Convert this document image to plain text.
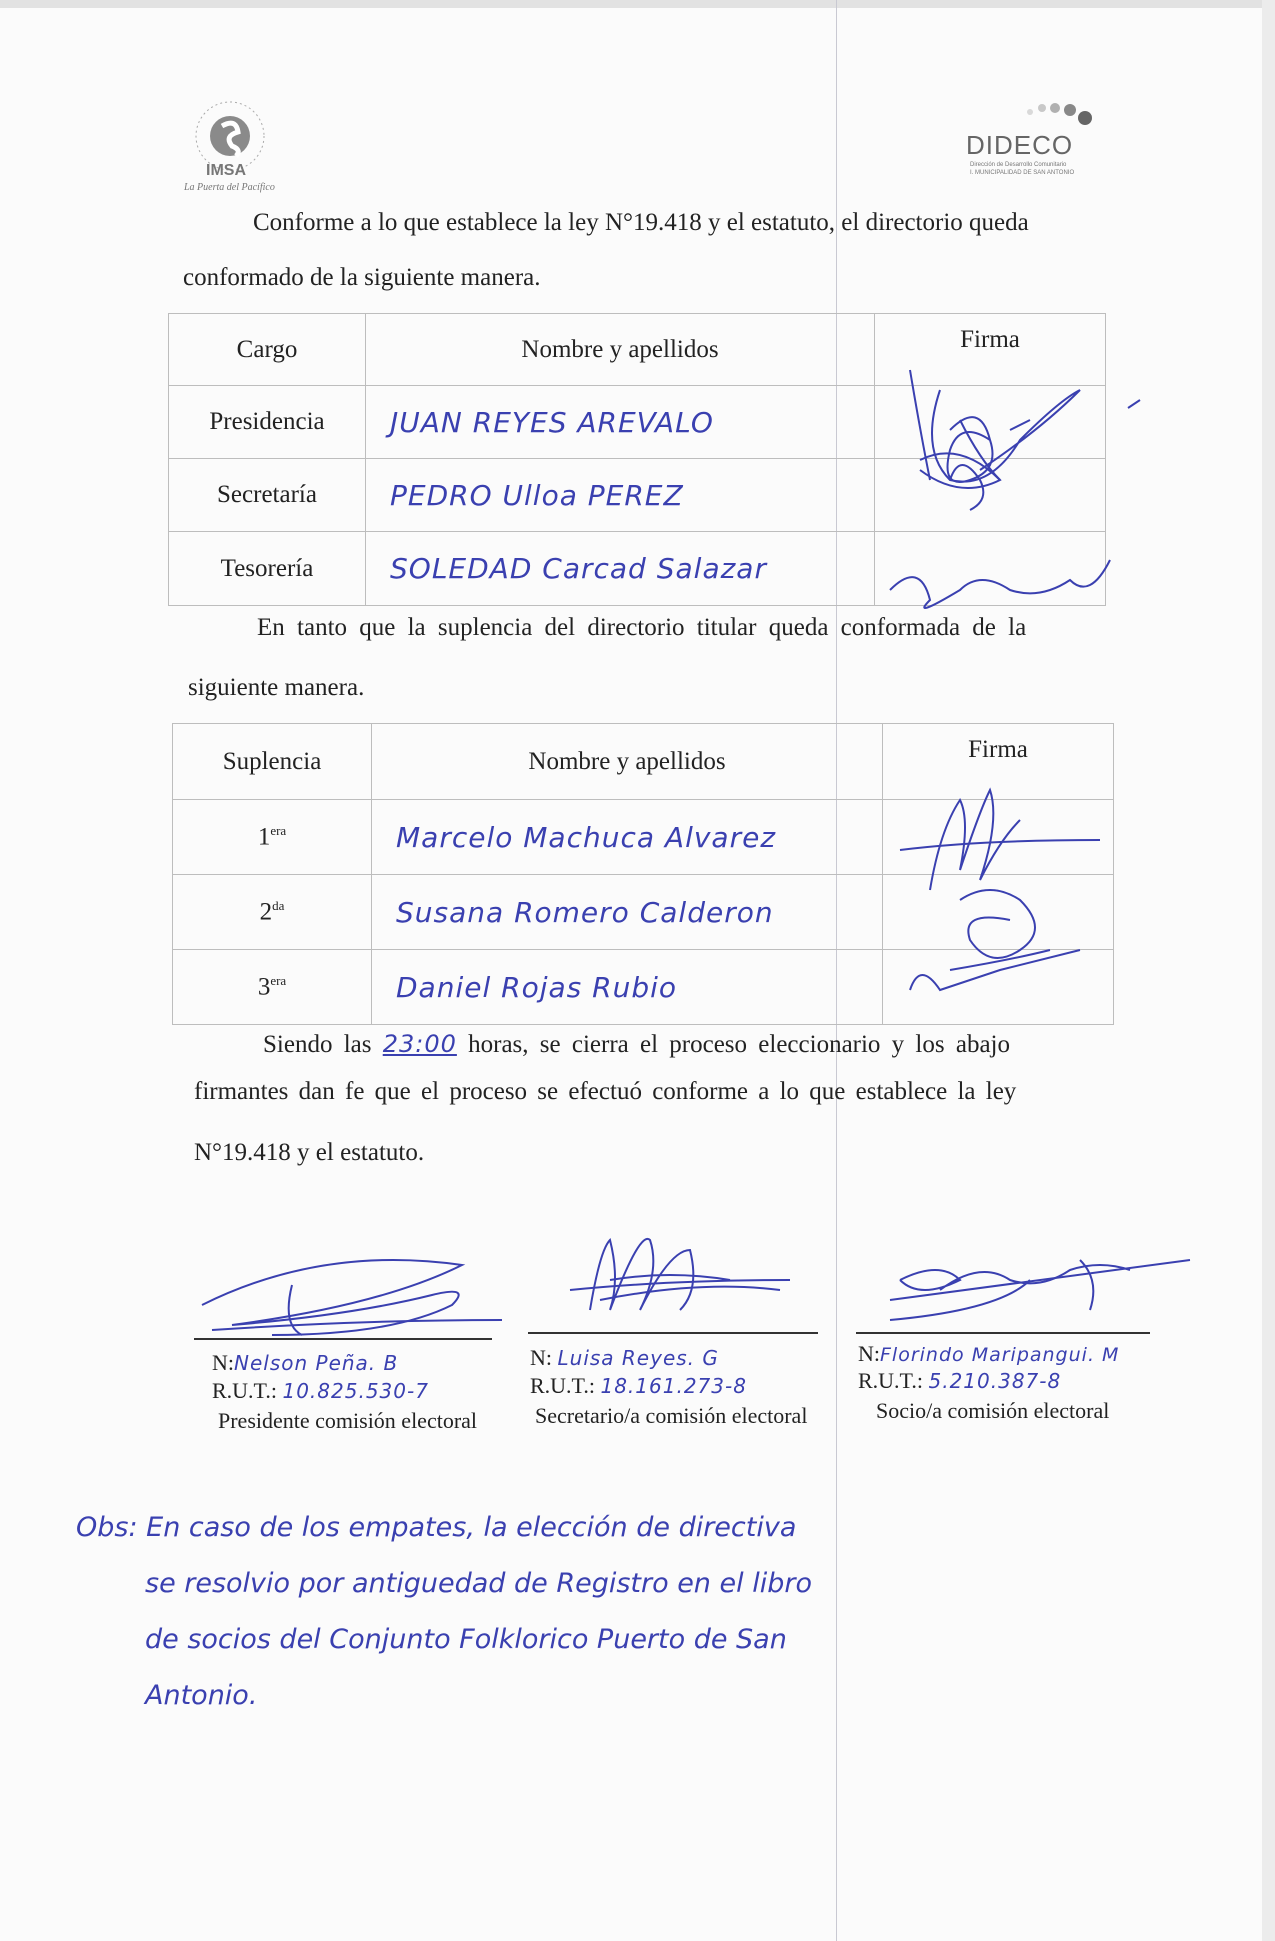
IMSA
La Puerta del Pacífico
DIDECO
Dirección de Desarrollo Comunitario
I. MUNICIPALIDAD DE SAN ANTONIO
Conforme a lo que establece la ley N°19.418 y el estatuto, el directorio queda
conformado de la siguiente manera.
Cargo	Nombre y apellidos	Firma
Presidencia	JUAN REYES AREVALO	
Secretaría	PEDRO Ulloa PEREZ	
Tesorería	SOLEDAD Carcad Salazar	
En tanto que la suplencia del directorio titular queda conformada de la
siguiente manera.
Suplencia	Nombre y apellidos	Firma
$1^{era}$	Marcelo Machuca Alvarez	
$2^{da}$	Susana Romero Calderon	
$3^{era}$	Daniel Rojas Rubio	
Siendo las 23:00 horas, se cierra el proceso eleccionario y los abajo
firmantes dan fe que el proceso se efectuó conforme a lo que establece la ley
N°19.418 y el estatuto.
N:Nelson Peña. B
R.U.T.: 10.825.530-7
Presidente comisión electoral
N: Luisa Reyes. G
R.U.T.: 18.161.273-8
Secretario/a comisión electoral
N:Florindo Maripangui. M
R.U.T.: 5.210.387-8
Socio/a comisión electoral
Obs: En caso de los empates, la elección de directiva
se resolvio por antiguedad de Registro en el libro
de socios del Conjunto Folklorico Puerto de San
Antonio.
